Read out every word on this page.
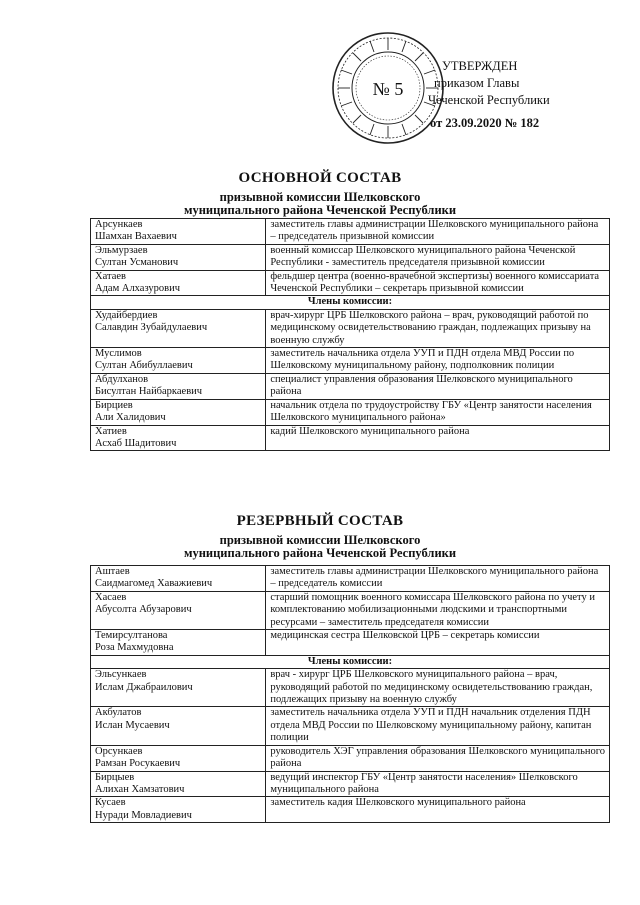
№ 5
УТВЕРЖДЕН
приказом Главы
Чеченской Республики
от 23.09.2020 № 182
ОСНОВНОЙ СОСТАВ
призывной комиссии Шелковского
муниципального района Чеченской Республики
Арсункаев
Шамхан Вахаевич	заместитель главы администрации Шелковского муниципального района – председатель призывной комиссии

Эльмурзаев
Султан Усманович	военный комиссар Шелковского муниципального района Чеченской Республики - заместитель председателя призывной комиссии

Хатаев
Адам Алхазурович	фельдшер центра (военно-врачебной экспертизы) военного комиссариата Чеченской Республики – секретарь призывной комиссии
Члены комиссии:	

Худайбердиев
Салавдин Зубайдулаевич	врач-хирург ЦРБ Шелковского района – врач, руководящий работой по медицинскому освидетельствованию граждан, подлежащих призыву на военную службу

Муслимов
Султан Абибуллаевич	заместитель начальника отдела УУП и ПДН отдела МВД России по Шелковскому муниципальному району, подполковник полиции

Абдулханов
Бисултан Найбаркаевич	специалист управления образования Шелковского муниципального района

Бирциев
Али Халидович	начальник отдела по трудоустройству ГБУ «Центр занятости населения Шелковского муниципального района»

Хатиев
Асхаб Шадитович	кадий Шелковского муниципального района
РЕЗЕРВНЫЙ СОСТАВ
призывной комиссии Шелковского
муниципального района Чеченской Республики
Аштаев
Саидмагомед Хаважиевич	заместитель главы администрации Шелковского муниципального района – председатель комиссии

Хасаев
Абусолта Абузарович	старший помощник военного комиссара Шелковского района по учету и комплектованию мобилизационными людскими и транспортными ресурсами – заместитель председателя комиссии

Темирсултанова
Роза Махмудовна	медицинская сестра Шелковской ЦРБ – секретарь комиссии
Члены комиссии:	

Эльсункаев
Ислам Джабраилович	врач - хирург ЦРБ Шелковского муниципального района – врач, руководящий работой по медицинскому освидетельствованию граждан, подлежащих призыву на военную службу

Акбулатов
Ислан Мусаевич	заместитель начальника отдела УУП и ПДН начальник отделения ПДН отдела МВД России по Шелковскому муниципальному району, капитан полиции

Орсункаев
Рамзан Росукаевич	руководитель ХЭГ управления образования Шелковского муниципального района

Бирцыев
Алихан Хамзатович	ведущий инспектор ГБУ «Центр занятости населения» Шелковского муниципального района

Кусаев
Нуради Мовладиевич	заместитель кадия Шелковского муниципального района
